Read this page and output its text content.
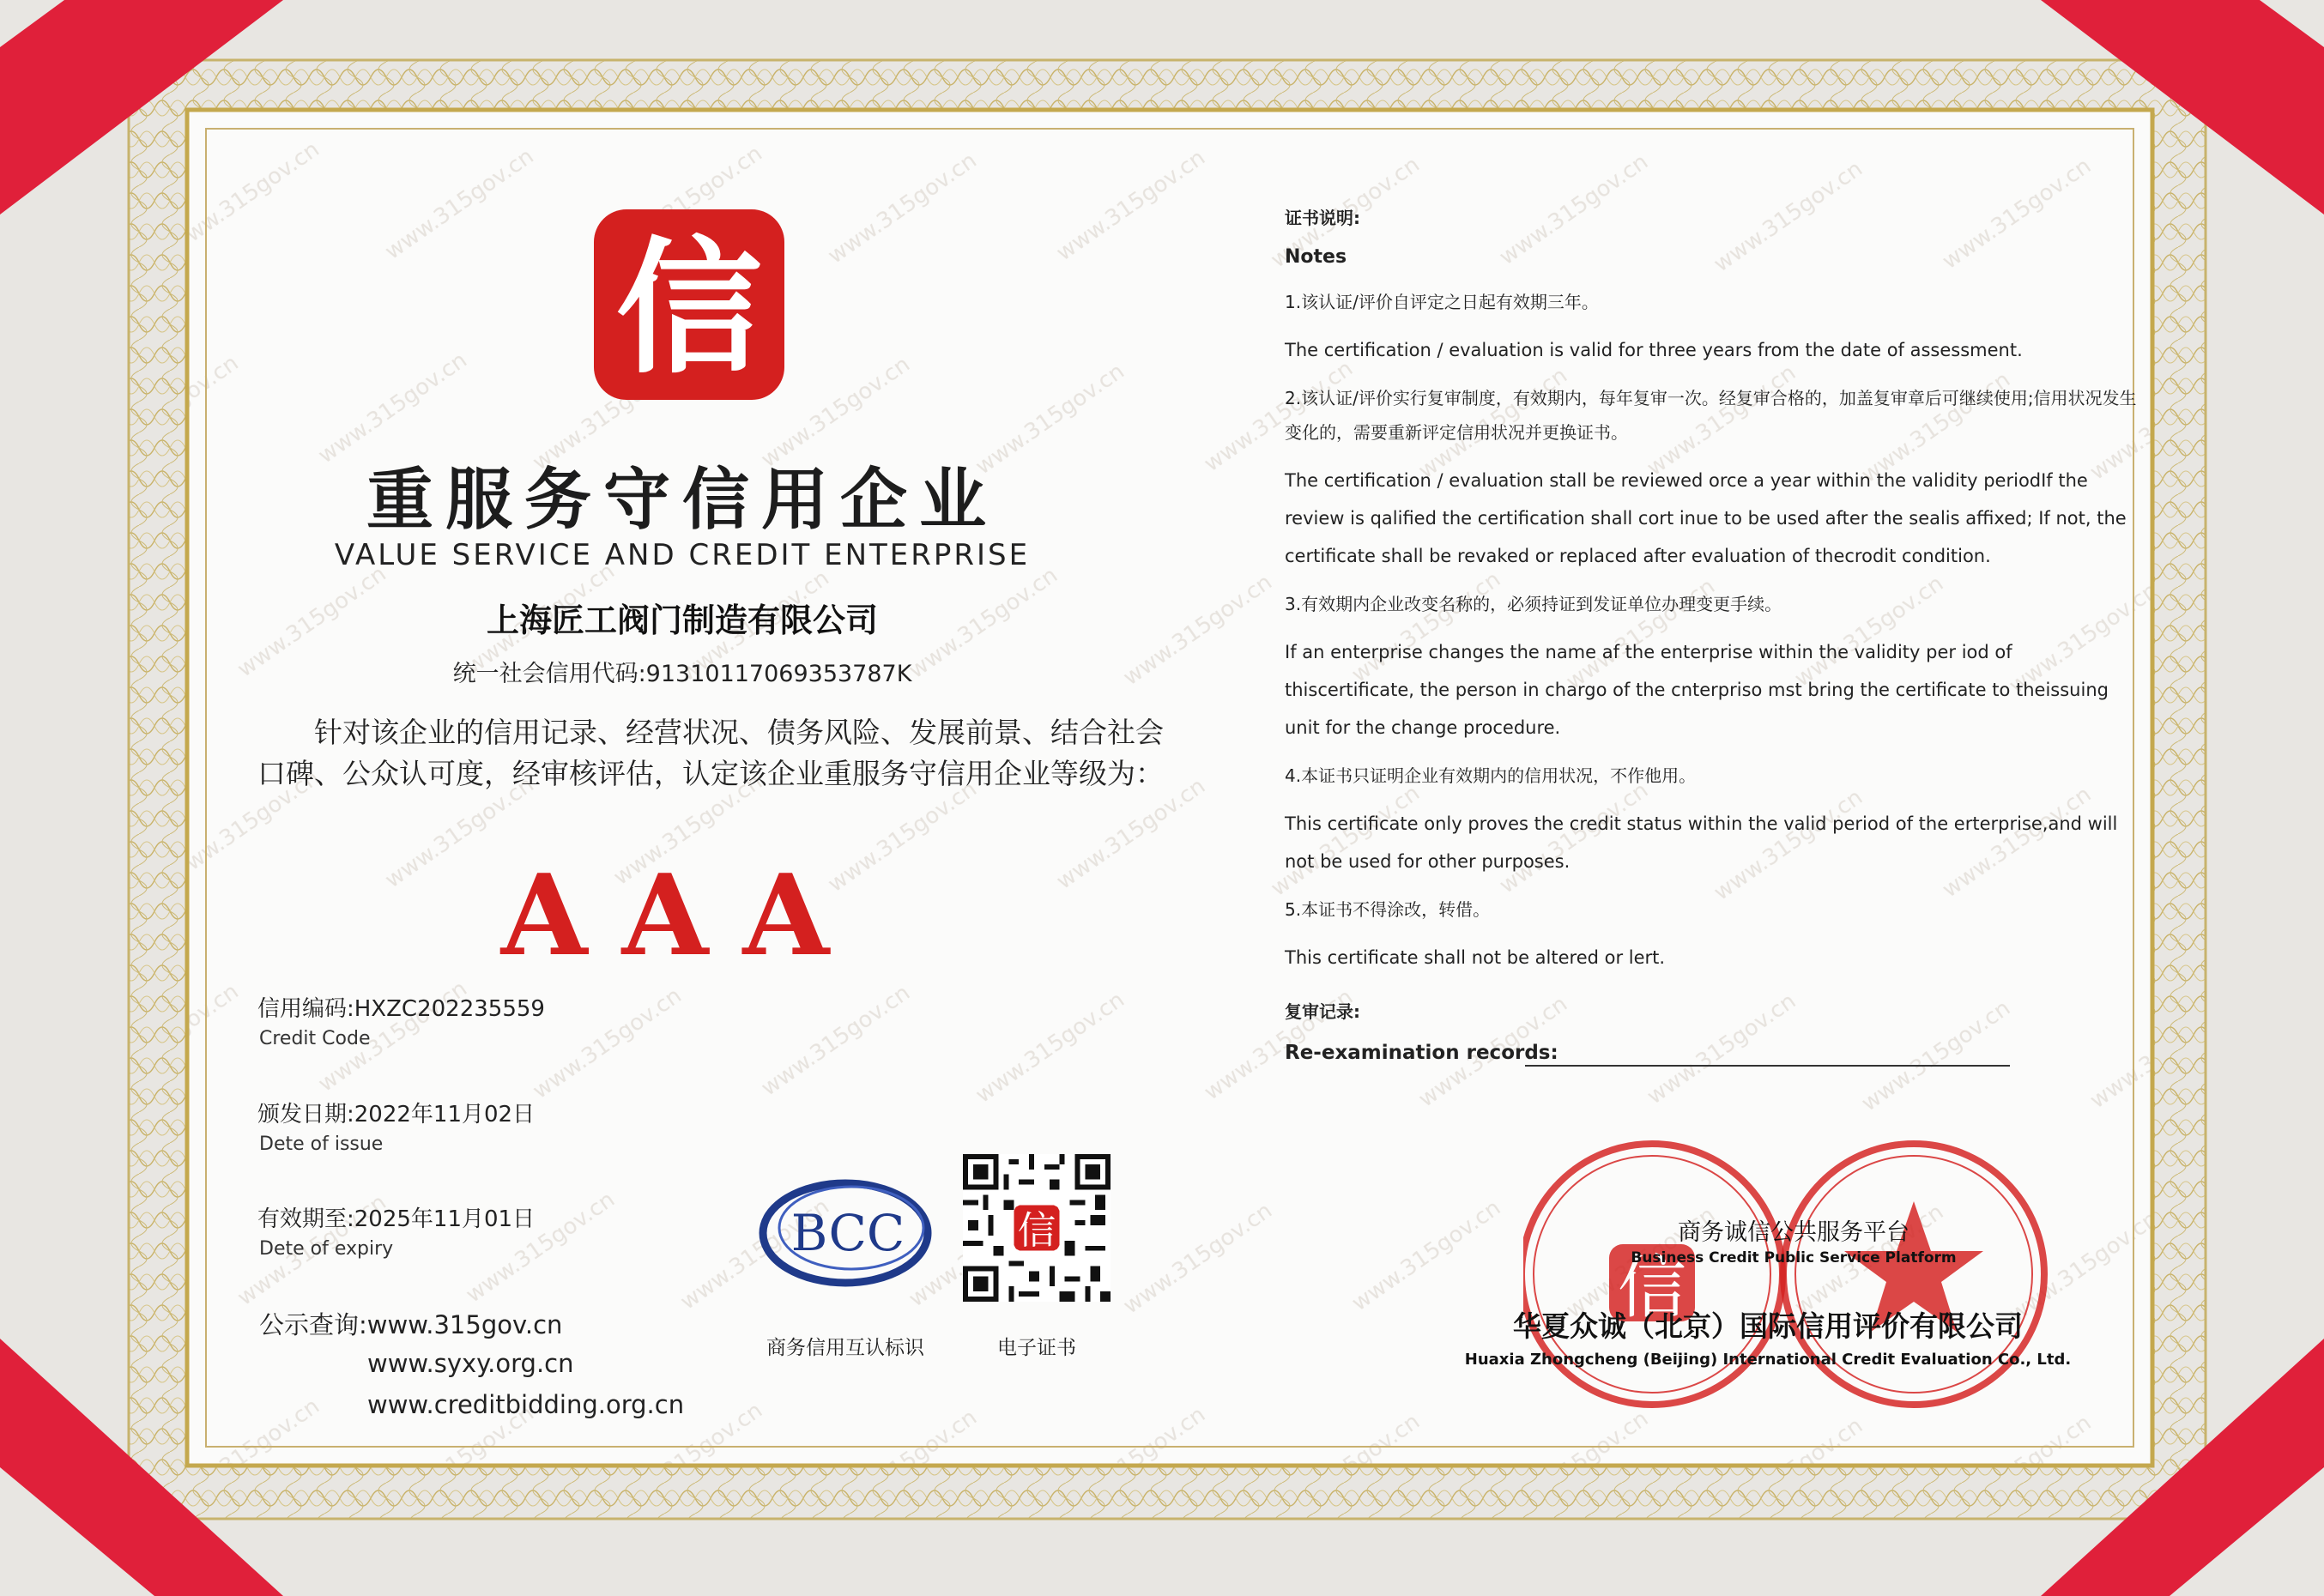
信
重服务守信用企业
VALUE SERVICE AND CREDIT ENTERPRISE
上海匠工阀门制造有限公司
统一社会信用代码:91310117069353787K
针对该企业的信用记录、经营状况、债务风险、发展前景、结合社会口碑、公众认可度，经审核评估，认定该企业重服务守信用企业等级为：
AAA
信用编码:HXZC202235559
Credit Code
颁发日期:2022年11月02日
Dete of issue
有效期至:2025年11月01日
Dete of expiry
公示查询:www.315gov.cn
www.syxy.org.cn
www.creditbidding.org.cn
BCC
商务信用互认标识
信
电子证书
证书说明:
Notes

1.该认证/评价自评定之日起有效期三年。

The certification / evaluation is valid for three years from the date of assessment.

2.该认证/评价实行复审制度，有效期内，每年复审一次。经复审合格的，加盖复审章后可继续使用;信用状况发生变化的，需要重新评定信用状况并更换证书。

The certification / evaluation stall be reviewed orce a year within the validity periodIf the review is qalified the certification shall cort inue to be used after the sealis affixed; If not, the certificate shall be revaked or replaced after evaluation of thecrodit condition.

3.有效期内企业改变名称的，必须持证到发证单位办理变更手续。

If an enterprise changes the name af the enterprise within the validity per iod of thiscertificate, the person in chargo of the cnterpriso mst bring the certificate to theissuing unit for the change procedure.

4.本证书只证明企业有效期内的信用状况，不作他用。

This certificate only proves the credit status within the valid period of the erterprise,and will not be used for other purposes.

5.本证书不得涂改，转借。

This certificate shall not be altered or lert.

复审记录:
Re-examination records:
信
商务诚信公共服务平台
Business Credit Public Service Platform
华夏众诚（北京）国际信用评价有限公司
Huaxia Zhongcheng (Beijing) International Credit Evaluation Co., Ltd.
